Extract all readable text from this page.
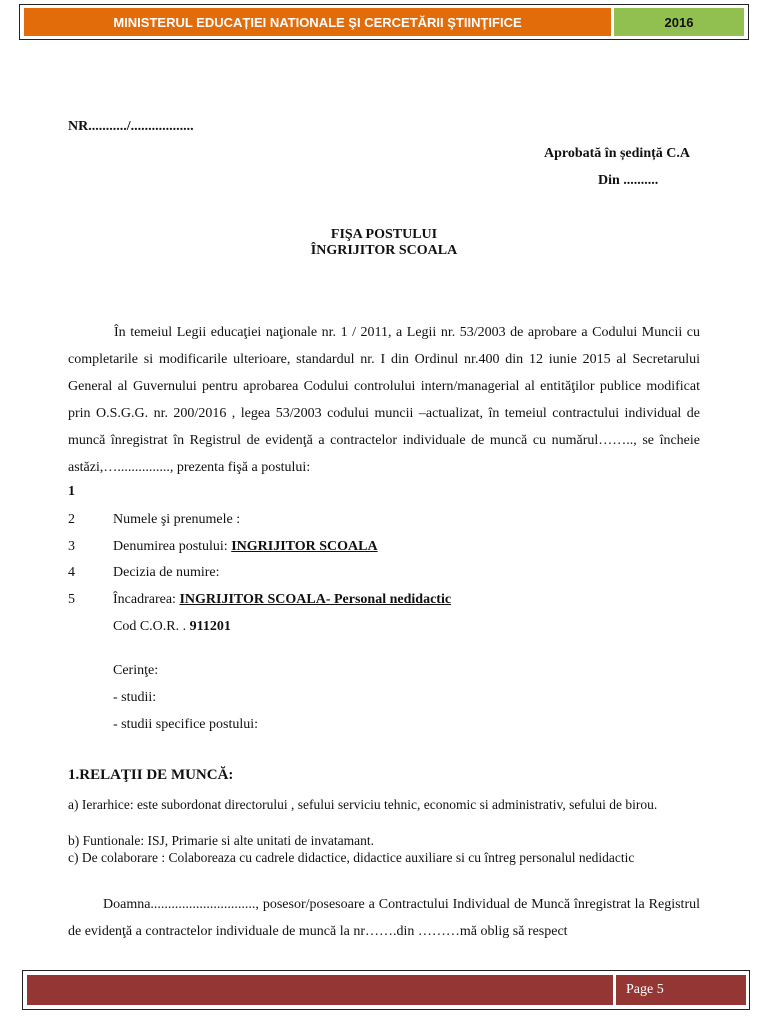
MINISTERUL EDUCAȚIEI NATIONALE ŞI CERCETĂRII ŞTIINŢIFICE	2016
NR.........../..................
Aprobată în ședință C.A
Din ..........
FIŞA POSTULUI
ÎNGRIJITOR SCOALA

În temeiul Legii educaţiei naţionale nr. 1 / 2011, a Legii nr. 53/2003 de aprobare a Codului Muncii cu completarile si modificarile ulterioare, standardul nr. I din Ordinul nr.400 din 12 iunie 2015 al Secretarului General al Guvernului pentru aprobarea Codului controlului intern/managerial al entităţilor publice modificat prin O.S.G.G. nr. 200/2016 , legea 53/2003 codului muncii –actualizat, în temeiul contractului individual de muncă înregistrat în Registrul de evidenţă a contractelor individuale de muncă cu numărul…….., se încheie astăzi,…..............., prezenta fişă a postului:

1
2	Numele şi prenumele :
3	Denumirea postului: INGRIJITOR SCOALA
4	Decizia de numire:
5	Încadrarea: INGRIJITOR SCOALA- Personal nedidactic
Cod C.O.R. . 911201
Cerinţe:
- studii:
- studii specifice postului:
1.RELAŢII DE MUNCĂ:

a) Ierarhice: este subordonat directorului , sefului serviciu tehnic, economic si administrativ, sefului de birou.

b) Funtionale: ISJ, Primarie si alte unitati de invatamant.

c) De colaborare : Colaboreaza cu cadrele didactice, didactice auxiliare si cu întreg personalul nedidactic

Doamna.............................., posesor/posesoare a Contractului Individual de Muncă înregistrat la Registrul de evidenţă a contractelor individuale de muncă la nr…….din ………mă oblig să respect

Page 5
